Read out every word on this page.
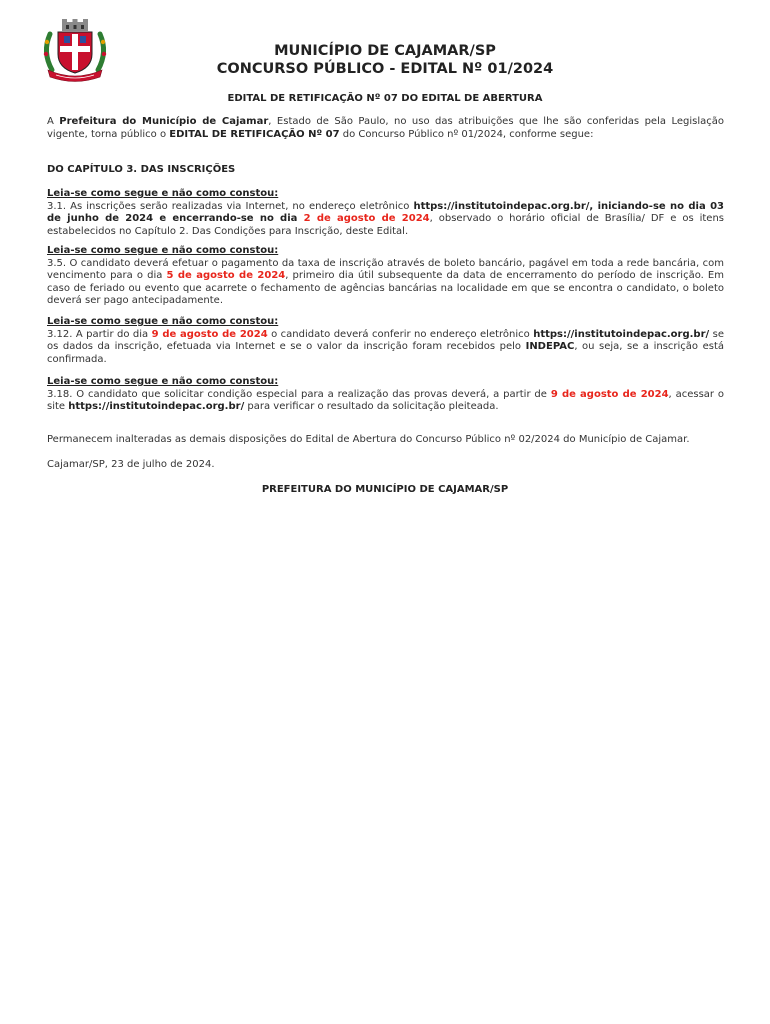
MUNICÍPIO DE CAJAMAR/SP
CONCURSO PÚBLICO - EDITAL Nº 01/2024
EDITAL DE RETIFICAÇÃO Nº 07 DO EDITAL DE ABERTURA
A Prefeitura do Município de Cajamar, Estado de São Paulo, no uso das atribuições que lhe são conferidas pela Legislação vigente, torna público o EDITAL DE RETIFICAÇÃO Nº 07 do Concurso Público nº 01/2024, conforme segue:
DO CAPÍTULO 3. DAS INSCRIÇÕES
Leia-se como segue e não como constou:
3.1. As inscrições serão realizadas via Internet, no endereço eletrônico https://institutoindepac.org.br/, iniciando-se no dia 03 de junho de 2024 e encerrando-se no dia 2 de agosto de 2024, observado o horário oficial de Brasília/ DF e os itens estabelecidos no Capítulo 2. Das Condições para Inscrição, deste Edital.
Leia-se como segue e não como constou:
3.5. O candidato deverá efetuar o pagamento da taxa de inscrição através de boleto bancário, pagável em toda a rede bancária, com vencimento para o dia 5 de agosto de 2024, primeiro dia útil subsequente da data de encerramento do período de inscrição. Em caso de feriado ou evento que acarrete o fechamento de agências bancárias na localidade em que se encontra o candidato, o boleto deverá ser pago antecipadamente.
Leia-se como segue e não como constou:
3.12. A partir do dia 9 de agosto de 2024 o candidato deverá conferir no endereço eletrônico https://institutoindepac.org.br/ se os dados da inscrição, efetuada via Internet e se o valor da inscrição foram recebidos pelo INDEPAC, ou seja, se a inscrição está confirmada.
Leia-se como segue e não como constou:
3.18. O candidato que solicitar condição especial para a realização das provas deverá, a partir de 9 de agosto de 2024, acessar o site https://institutoindepac.org.br/ para verificar o resultado da solicitação pleiteada.
Permanecem inalteradas as demais disposições do Edital de Abertura do Concurso Público nº 02/2024 do Município de Cajamar.
Cajamar/SP, 23 de julho de 2024.
PREFEITURA DO MUNICÍPIO DE CAJAMAR/SP
